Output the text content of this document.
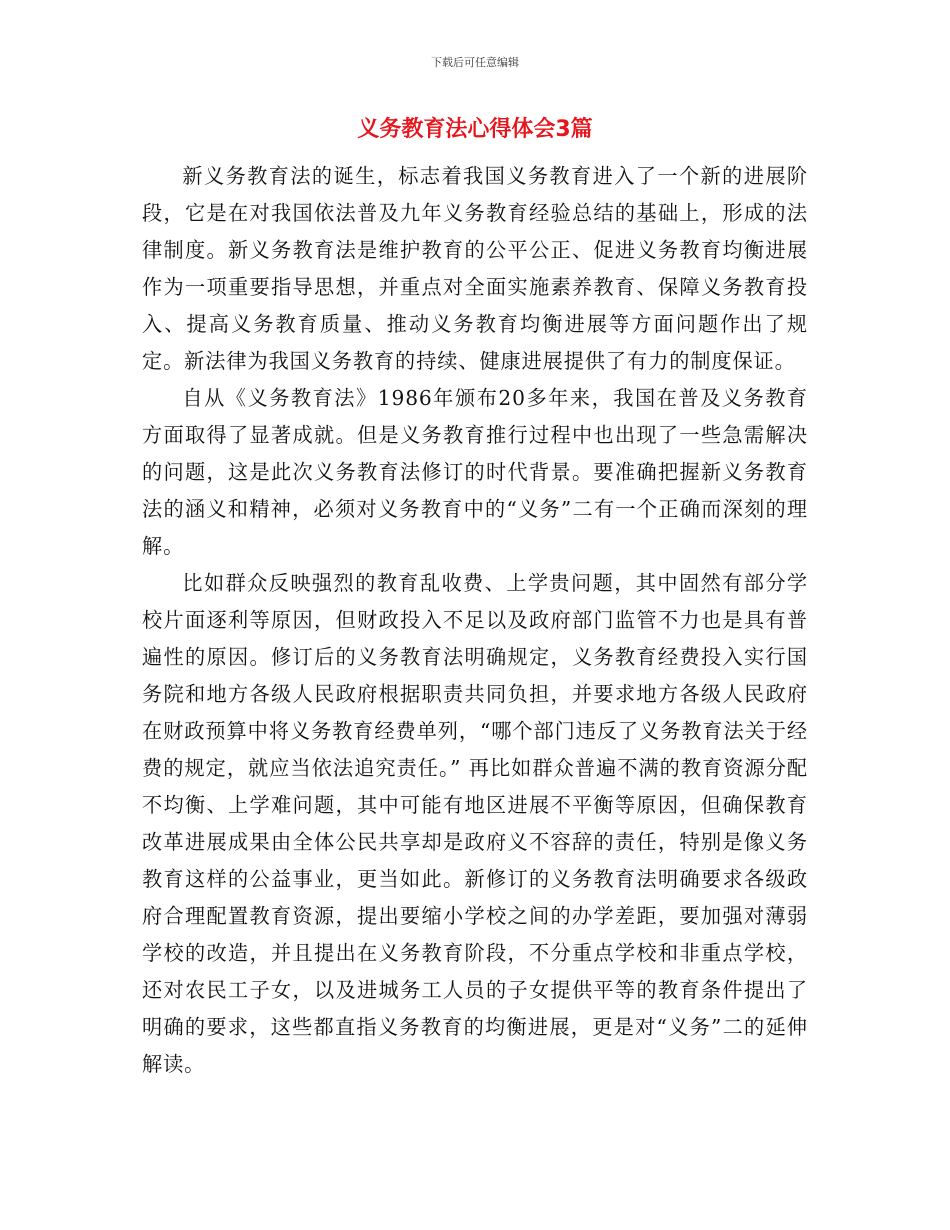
下载后可任意编辑
义务教育法心得体会3篇

新义务教育法的诞生，标志着我国义务教育进入了一个新的进展阶段，它是在对我国依法普及九年义务教育经验总结的基础上，形成的法律制度。新义务教育法是维护教育的公平公正、促进义务教育均衡进展作为一项重要指导思想，并重点对全面实施素养教育、保障义务教育投入、提高义务教育质量、推动义务教育均衡进展等方面问题作出了规定。新法律为我国义务教育的持续、健康进展提供了有力的制度保证。

自从《义务教育法》1986年颁布20多年来，我国在普及义务教育方面取得了显著成就。但是义务教育推行过程中也出现了一些急需解决的问题，这是此次义务教育法修订的时代背景。要准确把握新义务教育法的涵义和精神，必须对义务教育中的“义务”二有一个正确而深刻的理解。

比如群众反映强烈的教育乱收费、上学贵问题，其中固然有部分学校片面逐利等原因，但财政投入不足以及政府部门监管不力也是具有普遍性的原因。修订后的义务教育法明确规定，义务教育经费投入实行国务院和地方各级人民政府根据职责共同负担，并要求地方各级人民政府在财政预算中将义务教育经费单列，“哪个部门违反了义务教育法关于经费的规定，就应当依法追究责任。” 再比如群众普遍不满的教育资源分配不均衡、上学难问题，其中可能有地区进展不平衡等原因，但确保教育改革进展成果由全体公民共享却是政府义不容辞的责任，特别是像义务教育这样的公益事业，更当如此。新修订的义务教育法明确要求各级政府合理配置教育资源，提出要缩小学校之间的办学差距，要加强对薄弱学校的改造，并且提出在义务教育阶段，不分重点学校和非重点学校，还对农民工子女，以及进城务工人员的子女提供平等的教育条件提出了明确的要求，这些都直指义务教育的均衡进展，更是对“义务”二的延伸解读。
